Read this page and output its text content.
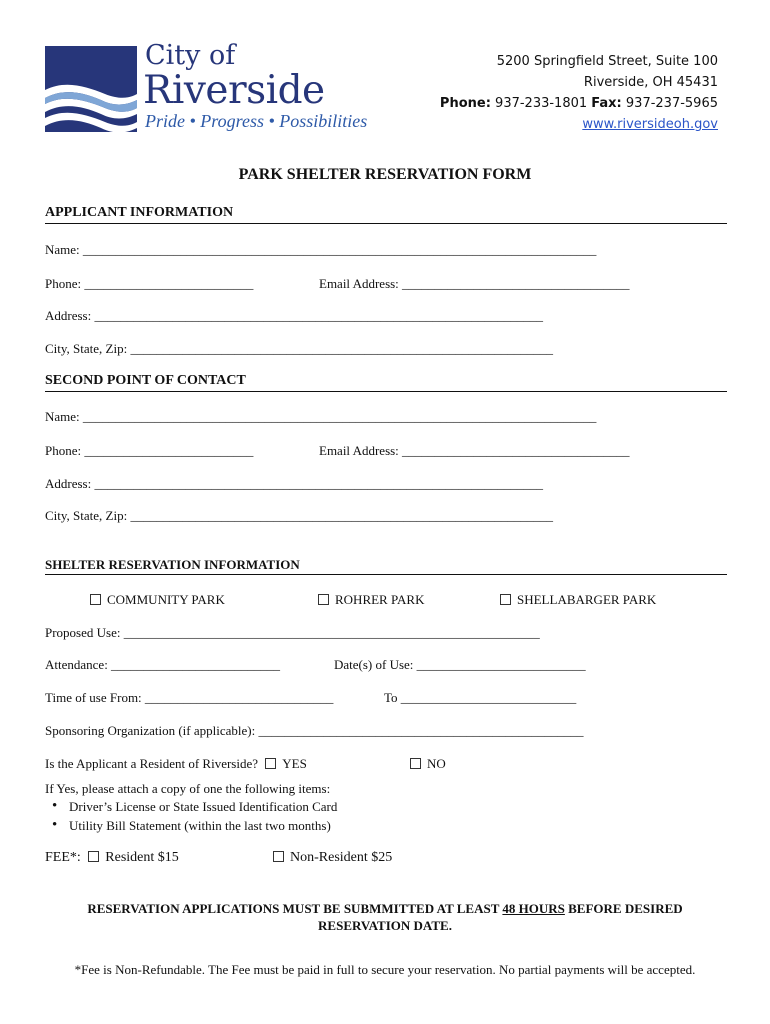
City of
Riverside
Pride • Progress • Possibilities
5200 Springfield Street, Suite 100
Riverside, OH 45431
Phone: 937-233-1801 Fax: 937-237-5965
www.riversideoh.gov
PARK SHELTER RESERVATION FORM
APPLICANT INFORMATION
Name: _______________________________________________________________________________
Phone: __________________________	Email Address: ___________________________________
Address: _____________________________________________________________________
City, State, Zip: _________________________________________________________________
SECOND POINT OF CONTACT
Name: _______________________________________________________________________________
Phone: __________________________	Email Address: ___________________________________
Address: _____________________________________________________________________
City, State, Zip: _________________________________________________________________
SHELTER RESERVATION INFORMATION
COMMUNITY PARK	ROHRER PARK	SHELLABARGER PARK
Proposed Use: ________________________________________________________________
Attendance: __________________________	Date(s) of Use: __________________________
Time of use From: _____________________________	To ___________________________
Sponsoring Organization (if applicable): __________________________________________________
Is the Applicant a Resident of Riverside? YES	NO
If Yes, please attach a copy of one the following items:
• Driver’s License or State Issued Identification Card
• Utility Bill Statement (within the last two months)
FEE*: Resident $15	Non-Resident $25
RESERVATION APPLICATIONS MUST BE SUBMMITTED AT LEAST 48 HOURS BEFORE DESIRED
RESERVATION DATE.
*Fee is Non-Refundable. The Fee must be paid in full to secure your reservation. No partial payments will be accepted.
